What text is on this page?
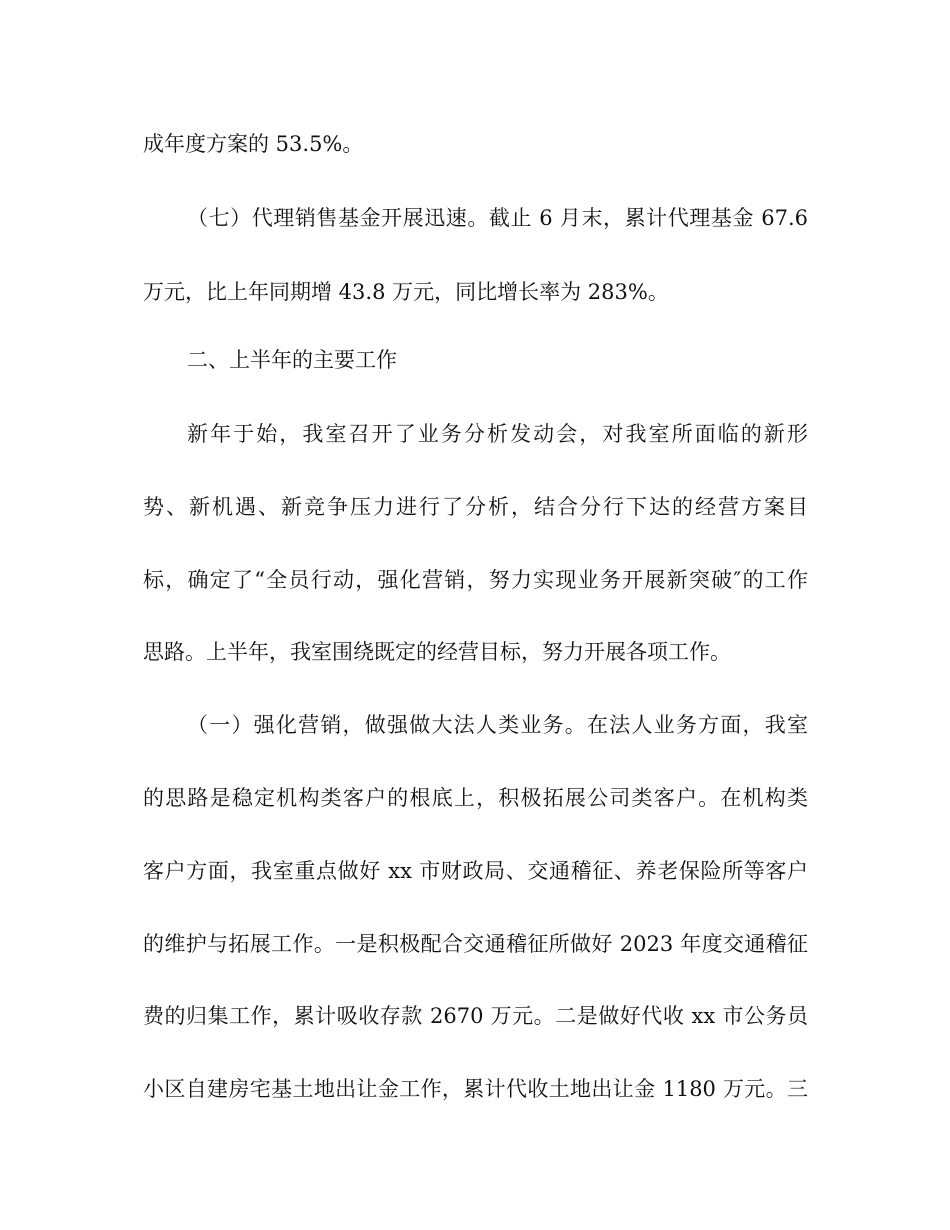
成年度方案的 53.5%。
（七）代理销售基金开展迅速。截止 6 月末，累计代理基金 67.6
万元，比上年同期增 43.8 万元，同比增长率为 283%。
二、上半年的主要工作
新年于始，我室召开了业务分析发动会，对我室所面临的新形
势、新机遇、新竞争压力进行了分析，结合分行下达的经营方案目
标，确定了“全员行动，强化营销，努力实现业务开展新突破″的工作
思路。上半年，我室围绕既定的经营目标，努力开展各项工作。
（一）强化营销，做强做大法人类业务。在法人业务方面，我室
的思路是稳定机构类客户的根底上，积极拓展公司类客户。在机构类
客户方面，我室重点做好 xx 市财政局、交通稽征、养老保险所等客户
的维护与拓展工作。一是积极配合交通稽征所做好 2023 年度交通稽征
费的归集工作，累计吸收存款 2670 万元。二是做好代收 xx 市公务员
小区自建房宅基土地出让金工作，累计代收土地出让金 1180 万元。三
